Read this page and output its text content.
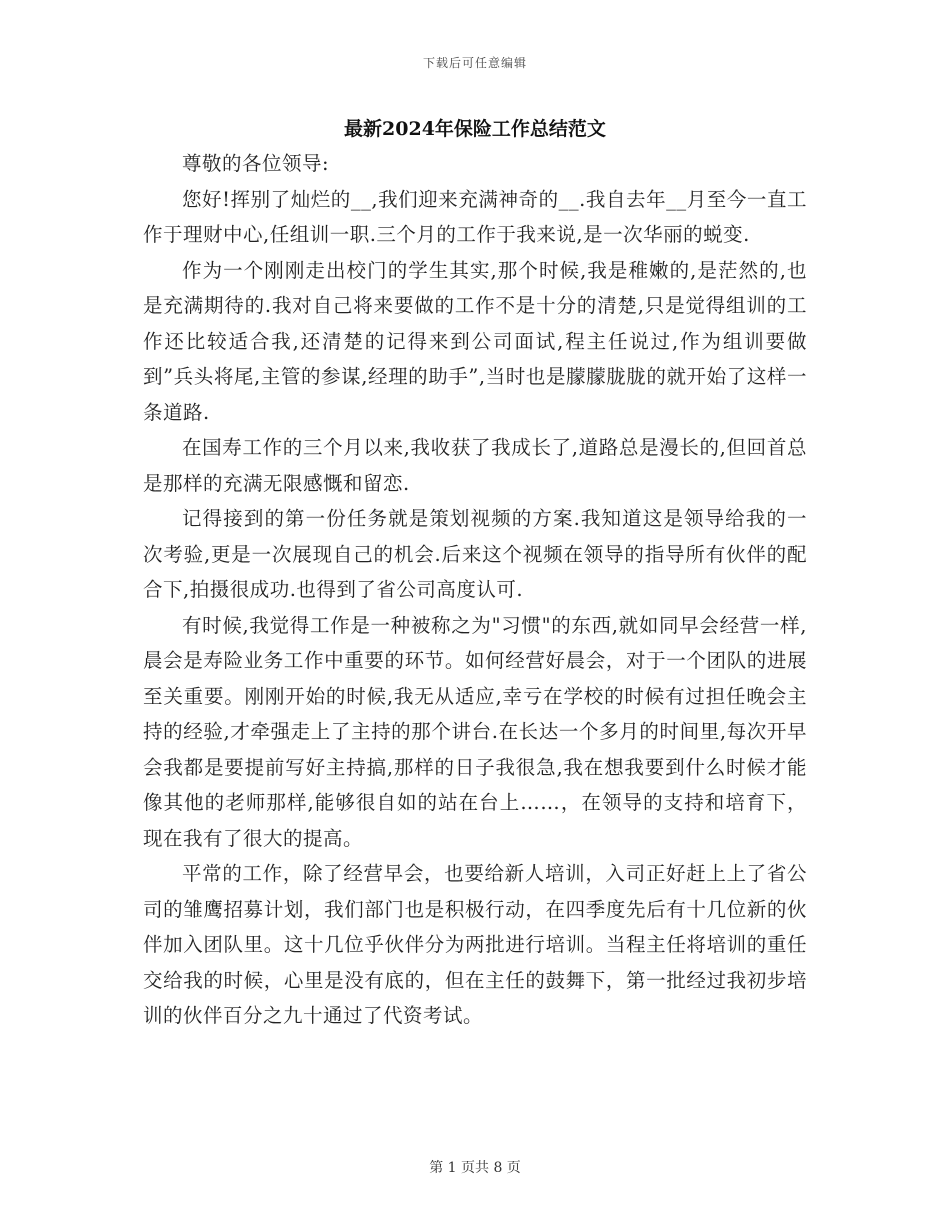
下载后可任意编辑
最新2024年保险工作总结范文

尊敬的各位领导:

您好!挥别了灿烂的__,我们迎来充满神奇的__.我自去年__月至今一直工作于理财中心,任组训一职.三个月的工作于我来说,是一次华丽的蜕变.

作为一个刚刚走出校门的学生其实,那个时候,我是稚嫩的,是茫然的,也是充满期待的.我对自己将来要做的工作不是十分的清楚,只是觉得组训的工作还比较适合我,还清楚的记得来到公司面试,程主任说过,作为组训要做到”兵头将尾,主管的参谋,经理的助手”,当时也是朦朦胧胧的就开始了这样一条道路.

在国寿工作的三个月以来,我收获了我成长了,道路总是漫长的,但回首总是那样的充满无限感慨和留恋.

记得接到的第一份任务就是策划视频的方案.我知道这是领导给我的一次考验,更是一次展现自己的机会.后来这个视频在领导的指导所有伙伴的配合下,拍摄很成功.也得到了省公司高度认可.

有时候,我觉得工作是一种被称之为"习惯"的东西,就如同早会经营一样,晨会是寿险业务工作中重要的环节。如何经营好晨会，对于一个团队的进展至关重要。刚刚开始的时候,我无从适应,幸亏在学校的时候有过担任晚会主持的经验,才牵强走上了主持的那个讲台.在长达一个多月的时间里,每次开早会我都是要提前写好主持搞,那样的日子我很急,我在想我要到什么时候才能像其他的老师那样,能够很自如的站在台上……，在领导的支持和培育下，现在我有了很大的提高。

平常的工作，除了经营早会，也要给新人培训，入司正好赶上上了省公司的雏鹰招募计划，我们部门也是积极行动，在四季度先后有十几位新的伙伴加入团队里。这十几位乎伙伴分为两批进行培训。当程主任将培训的重任交给我的时候，心里是没有底的，但在主任的鼓舞下，第一批经过我初步培训的伙伴百分之九十通过了代资考试。

第 1 页共 8 页
